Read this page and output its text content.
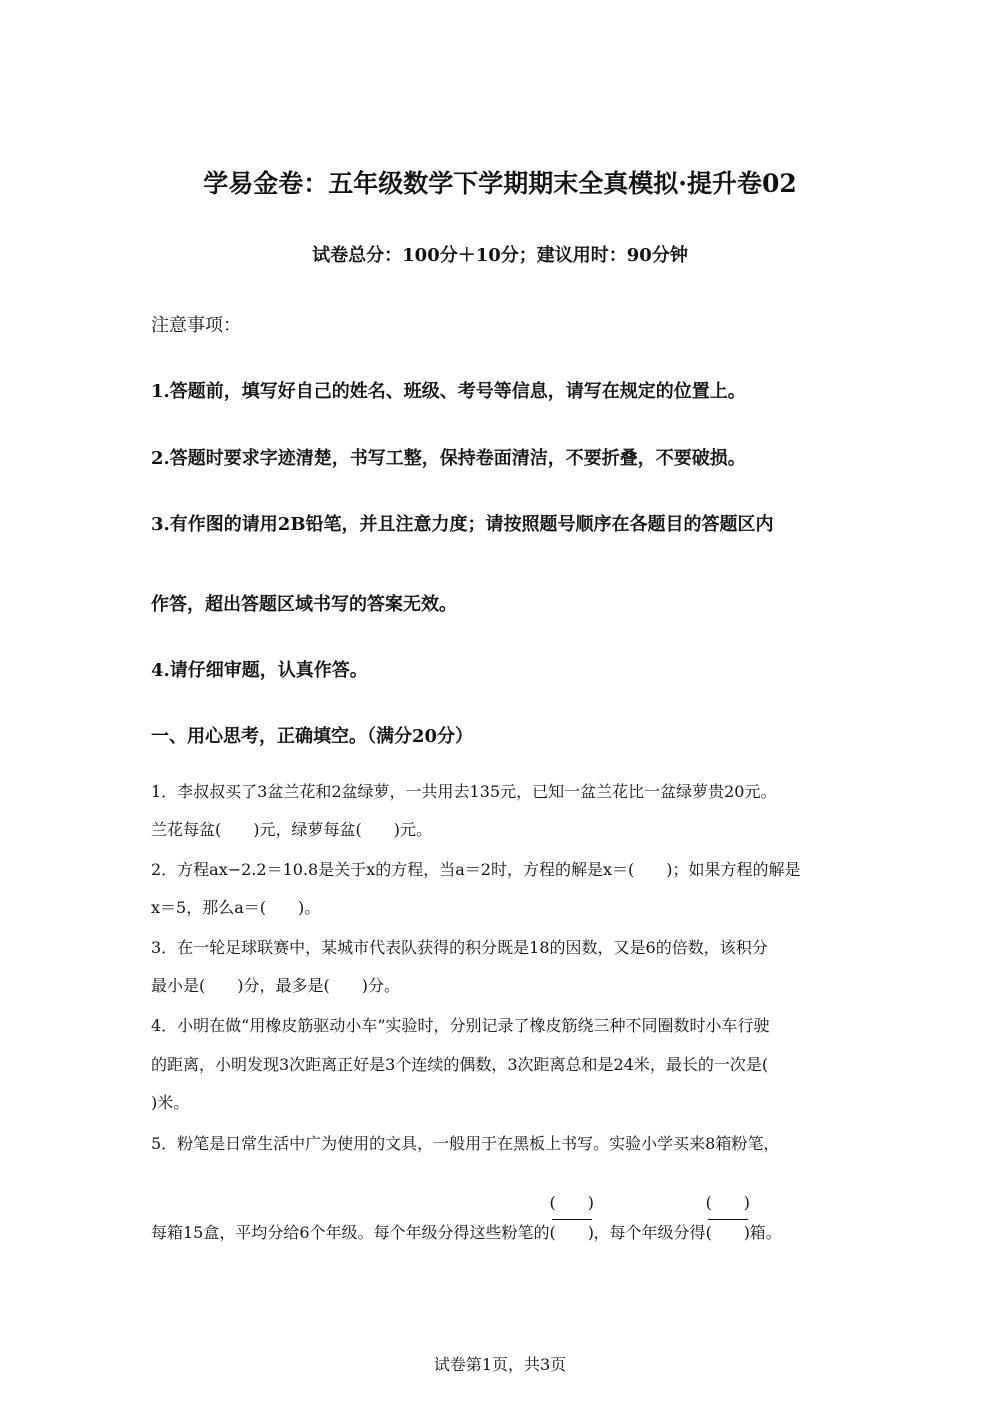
学易金卷：五年级数学下学期期末全真模拟·提升卷02
试卷总分：100分＋10分；建议用时：90分钟
注意事项：
1.答题前，填写好自己的姓名、班级、考号等信息，请写在规定的位置上。
2.答题时要求字迹清楚，书写工整，保持卷面清洁，不要折叠，不要破损。
3.有作图的请用2B铅笔，并且注意力度；请按照题号顺序在各题目的答题区内
作答，超出答题区域书写的答案无效。
4.请仔细审题，认真作答。
一、用心思考，正确填空。（满分20分）
1．李叔叔买了3盆兰花和2盆绿萝，一共用去135元，已知一盆兰花比一盆绿萝贵20元。
兰花每盆(　　)元，绿萝每盆(　　)元。
2．方程ax−2.2＝10.8是关于x的方程，当a＝2时，方程的解是x＝(　　)；如果方程的解是
x＝5，那么a＝(　　)。
3．在一轮足球联赛中，某城市代表队获得的积分既是18的因数，又是6的倍数，该积分
最小是(　　)分，最多是(　　)分。
4．小明在做“用橡皮筋驱动小车”实验时，分别记录了橡皮筋绕三种不同圈数时小车行驶
的距离，小明发现3次距离正好是3个连续的偶数，3次距离总和是24米，最长的一次是(
)米。
5．粉笔是日常生活中广为使用的文具，一般用于在黑板上书写。实验小学买来8箱粉笔，
每箱15盒，平均分给6个年级。每个年级分得这些粉笔的 $\frac{( )}{( )}$，每个年级分得 $\frac{( )}{( )}$箱。
试卷第1页，共3页
